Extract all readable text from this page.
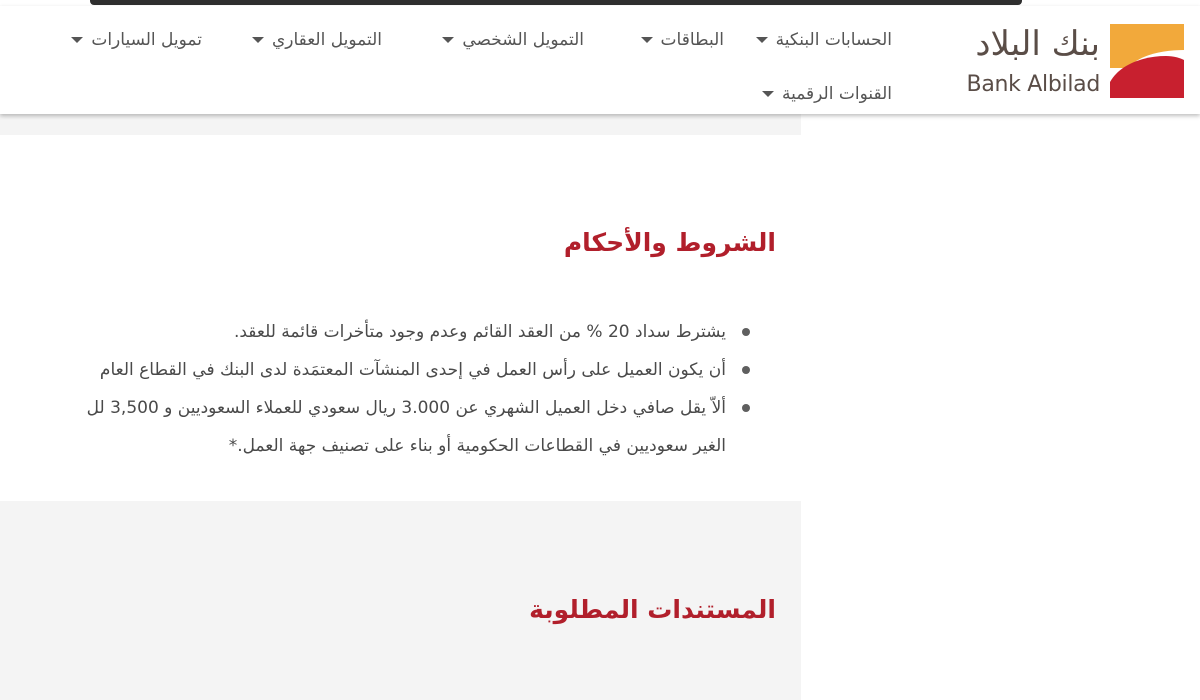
بنك البلاد
Bank Albilad
الحسابات البنكية
البطاقات
التمويل الشخصي
التمويل العقاري
تمويل السيارات
القنوات الرقمية
الشروط والأحكام
يشترط سداد 20 % من العقد القائم وعدم وجود متأخرات قائمة للعقد.
أن يكون العميل على رأس العمل في إحدى المنشآت المعتمَدة لدى البنك في القطاع العام
ألاّ يقل صافي دخل العميل الشهري عن 3.000 ريال سعودي للعملاء السعوديين و 3,500 لل
الغير سعوديين في القطاعات الحكومية أو بناء على تصنيف جهة العمل.*
المستندات المطلوبة
